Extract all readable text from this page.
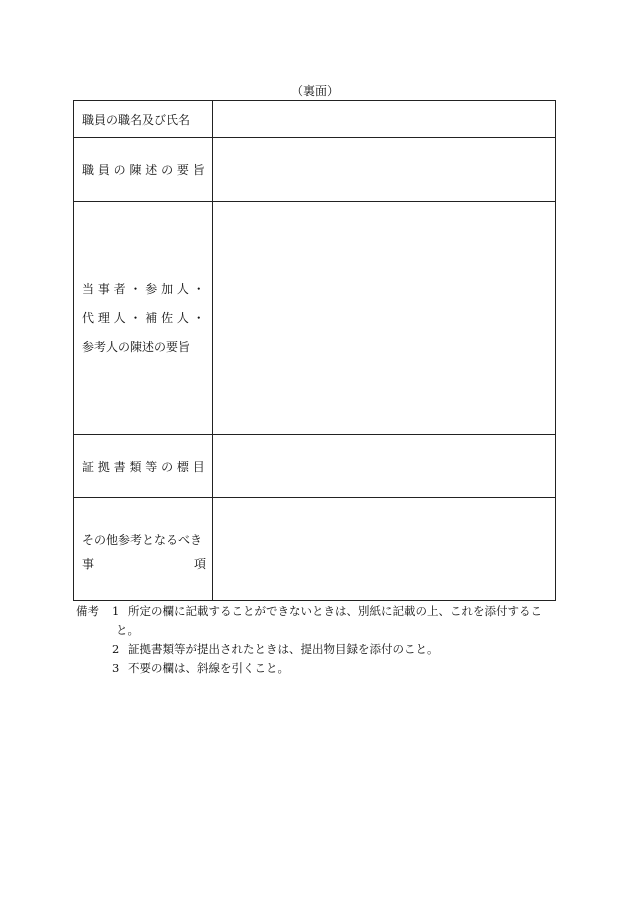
（裏面）
職員の職名及び氏名	

職 員 の 陳 述 の 要 旨	

当 事 者 ・ 参 加 人 ・
代 理 人 ・ 補 佐 人 ・
参考人の陳述の要旨	

証 拠 書 類 等 の 標 目	

その他参考となるべき
事 項	

備考	1 所定の欄に記載することができないときは、別紙に記載の上、これを添付するこ
と。
2 証拠書類等が提出されたときは、提出物目録を添付のこと。
3 不要の欄は、斜線を引くこと。
